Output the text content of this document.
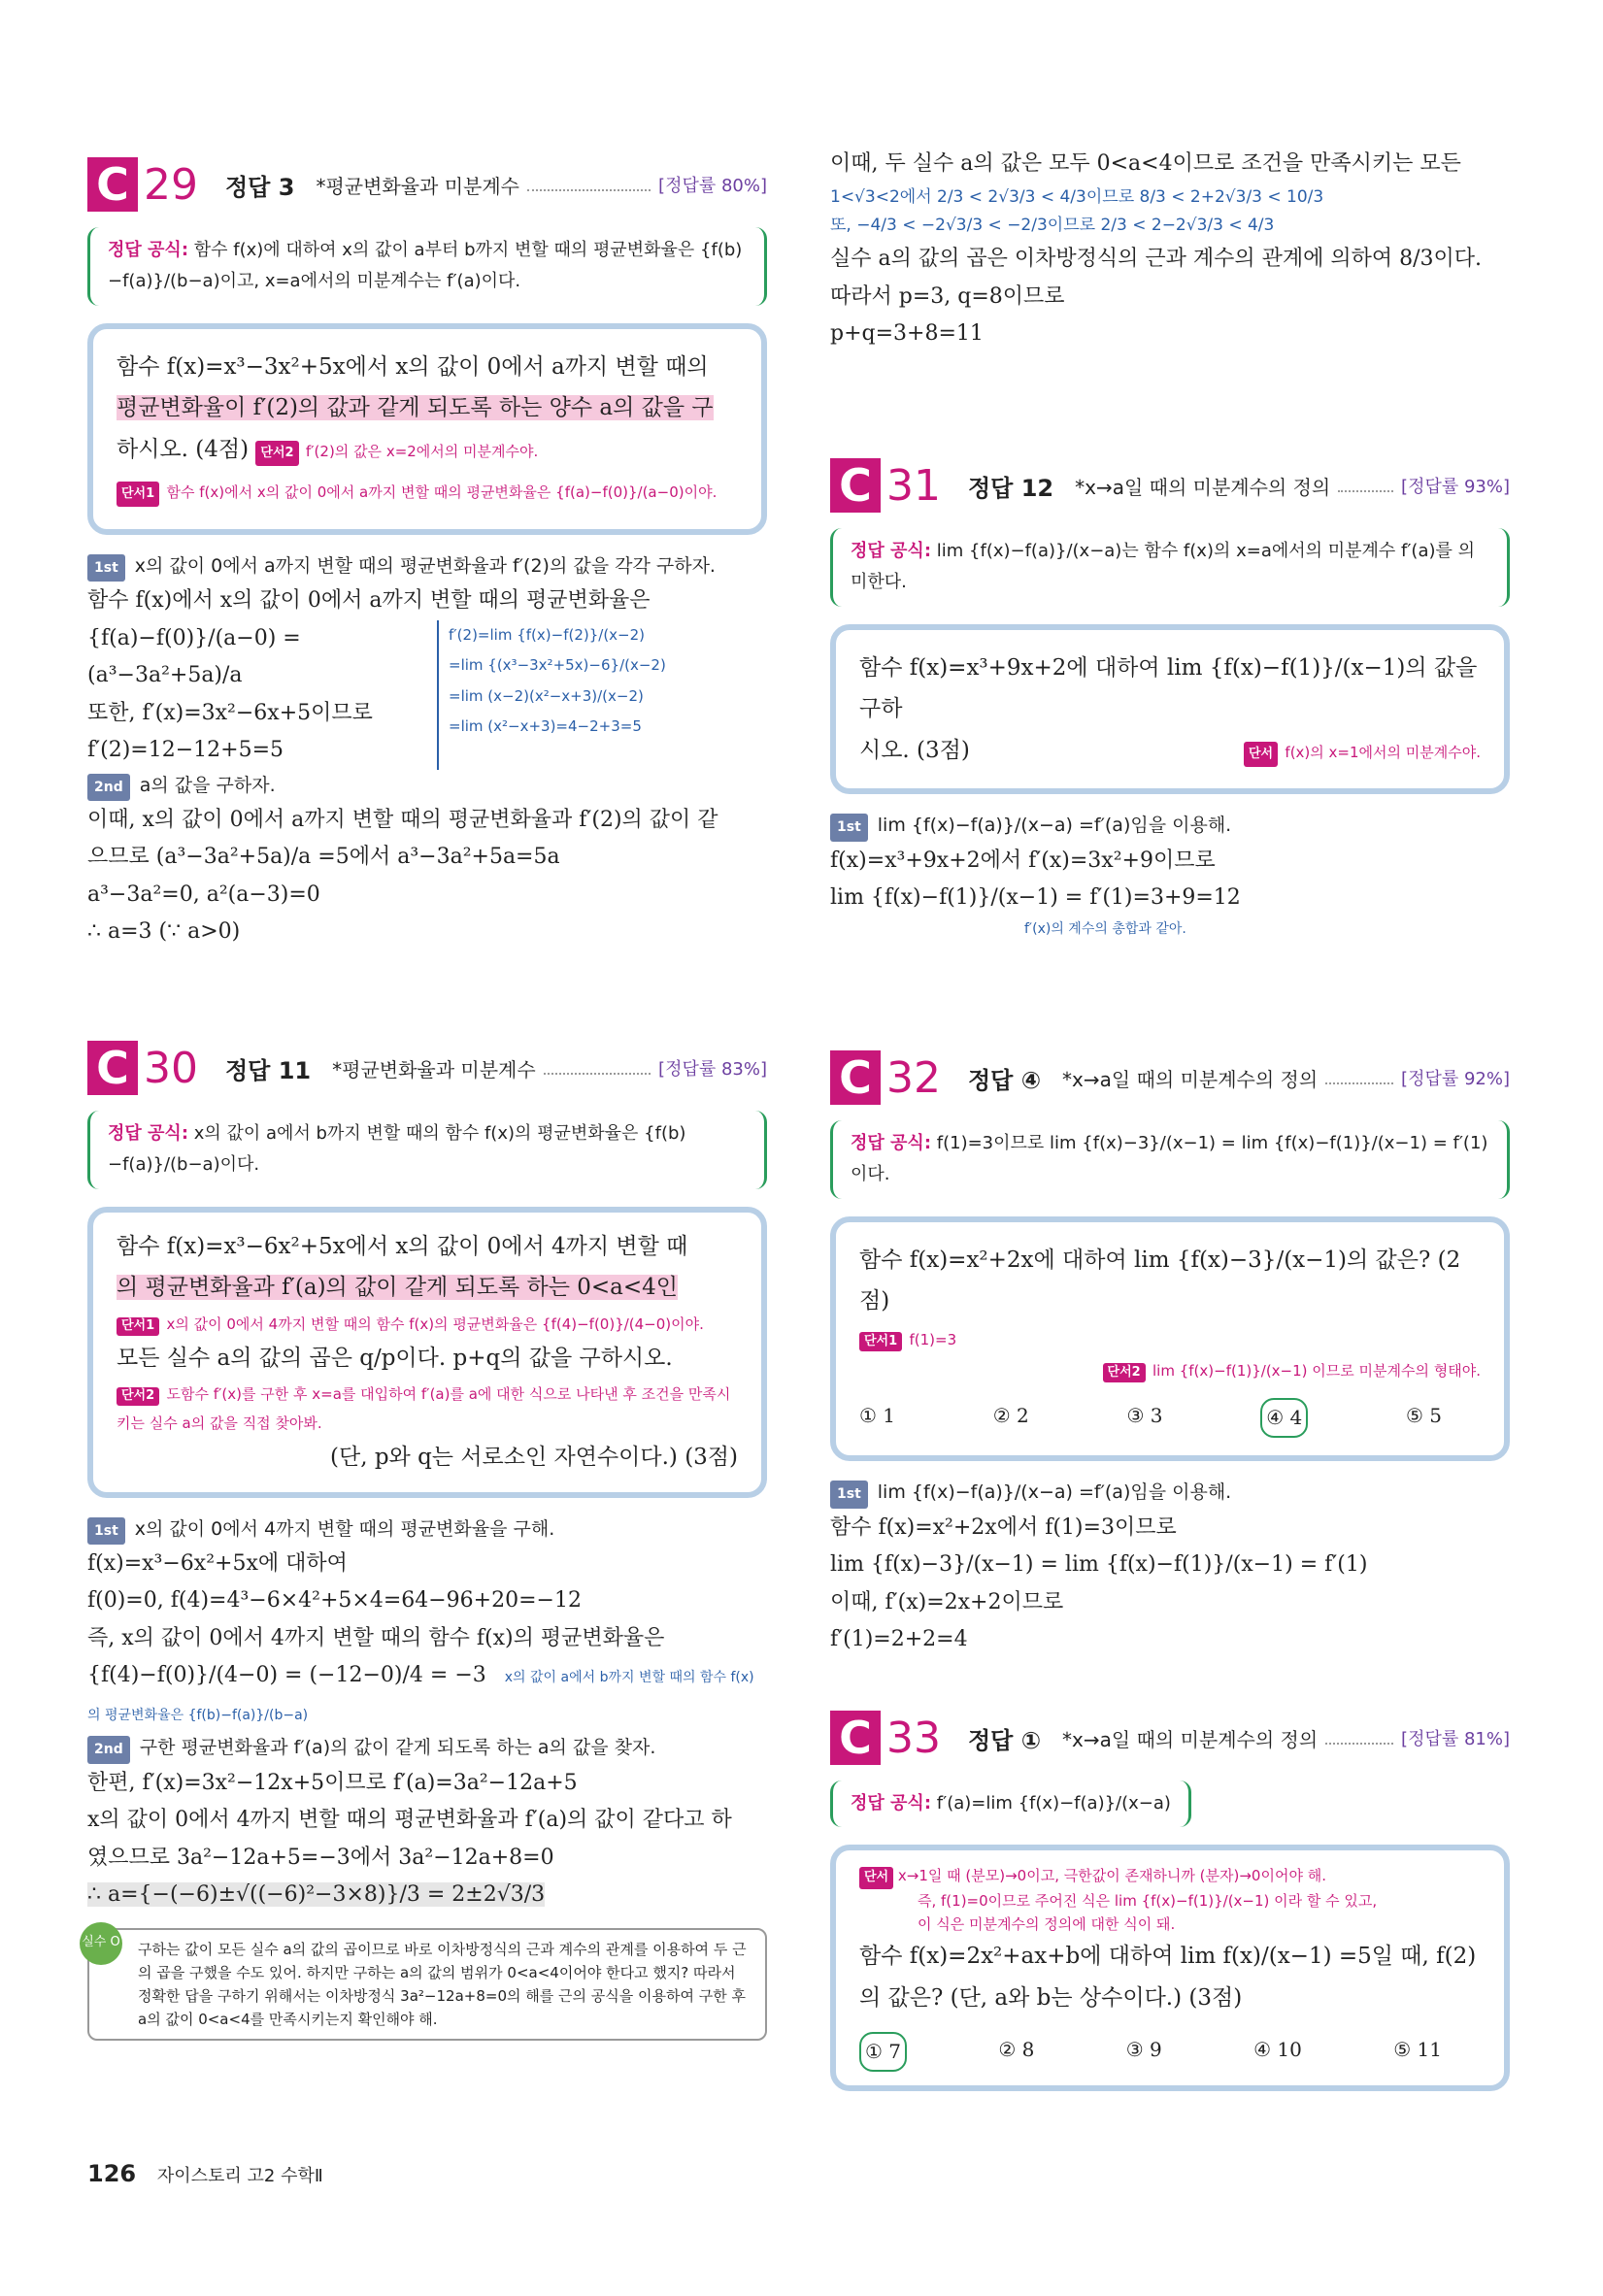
C 29	정답 3 *평균변화율과 미분계수	[정답률 80%]
정답 공식: 함수 f(x)에 대하여 x의 값이 a부터 b까지 변할 때의 평균변화율은 {f(b)−f(a)}/(b−a)이고, x=a에서의 미분계수는 f′(a)이다.
함수 f(x)=x³−3x²+5x에서 x의 값이 0에서 a까지 변할 때의
평균변화율이 f′(2)의 값과 같게 되도록 하는 양수 a의 값을 구
하시오. (4점) 단서2 f′(2)의 값은 x=2에서의 미분계수야.
단서1 함수 f(x)에서 x의 값이 0에서 a까지 변할 때의 평균변화율은 {f(a)−f(0)}/(a−0)이야.

1st x의 값이 0에서 a까지 변할 때의 평균변화율과 f′(2)의 값을 각각 구하자.

함수 f(x)에서 x의 값이 0에서 a까지 변할 때의 평균변화율은

{f(a)−f(0)}/(a−0) = (a³−3a²+5a)/a

또한, f′(x)=3x²−6x+5이므로

f′(2)=12−12+5=5

f′(2)=lim {f(x)−f(2)}/(x−2)
=lim {(x³−3x²+5x)−6}/(x−2)
=lim (x−2)(x²−x+3)/(x−2)
=lim (x²−x+3)=4−2+3=5

2nd a의 값을 구하자.

이때, x의 값이 0에서 a까지 변할 때의 평균변화율과 f′(2)의 값이 같

으므로 (a³−3a²+5a)/a =5에서 a³−3a²+5a=5a

a³−3a²=0, a²(a−3)=0

∴ a=3 (∵ a>0)

C 30	정답 11 *평균변화율과 미분계수	[정답률 83%]
정답 공식: x의 값이 a에서 b까지 변할 때의 함수 f(x)의 평균변화율은 {f(b)−f(a)}/(b−a)이다.
함수 f(x)=x³−6x²+5x에서 x의 값이 0에서 4까지 변할 때
의 평균변화율과 f′(a)의 값이 같게 되도록 하는 0<a<4인
단서1 x의 값이 0에서 4까지 변할 때의 함수 f(x)의 평균변화율은 {f(4)−f(0)}/(4−0)이야.
모든 실수 a의 값의 곱은 q/p이다. p+q의 값을 구하시오.
단서2 도함수 f′(x)를 구한 후 x=a를 대입하여 f′(a)를 a에 대한 식으로 나타낸 후 조건을 만족시키는 실수 a의 값을 직접 찾아봐.
(단, p와 q는 서로소인 자연수이다.) (3점)

1st x의 값이 0에서 4까지 변할 때의 평균변화율을 구해.

f(x)=x³−6x²+5x에 대하여

f(0)=0, f(4)=4³−6×4²+5×4=64−96+20=−12

즉, x의 값이 0에서 4까지 변할 때의 함수 f(x)의 평균변화율은

{f(4)−f(0)}/(4−0) = (−12−0)/4 = −3 x의 값이 a에서 b까지 변할 때의 함수 f(x)의 평균변화율은 {f(b)−f(a)}/(b−a)

2nd 구한 평균변화율과 f′(a)의 값이 같게 되도록 하는 a의 값을 찾자.

한편, f′(x)=3x²−12x+5이므로 f′(a)=3a²−12a+5

x의 값이 0에서 4까지 변할 때의 평균변화율과 f′(a)의 값이 같다고 하

였으므로 3a²−12a+5=−3에서 3a²−12a+8=0

∴ a={−(−6)±√((−6)²−3×8)}/3 = 2±2√3/3

실수 O 구하는 값이 모든 실수 a의 값의 곱이므로 바로 이차방정식의 근과 계수의 관계를 이용하여 두 근의 곱을 구했을 수도 있어. 하지만 구하는 a의 값의 범위가 0<a<4이어야 한다고 했지? 따라서 정확한 답을 구하기 위해서는 이차방정식 3a²−12a+8=0의 해를 근의 공식을 이용하여 구한 후 a의 값이 0<a<4를 만족시키는지 확인해야 해.

이때, 두 실수 a의 값은 모두 0<a<4이므로 조건을 만족시키는 모든

1<√3<2에서 2/3 < 2√3/3 < 4/3이므로 8/3 < 2+2√3/3 < 10/3

또, −4/3 < −2√3/3 < −2/3이므로 2/3 < 2−2√3/3 < 4/3

실수 a의 값의 곱은 이차방정식의 근과 계수의 관계에 의하여 8/3이다.

따라서 p=3, q=8이므로

p+q=3+8=11

C 31	정답 12 *x→a일 때의 미분계수의 정의	[정답률 93%]
정답 공식: lim {f(x)−f(a)}/(x−a)는 함수 f(x)의 x=a에서의 미분계수 f′(a)를 의미한다.
함수 f(x)=x³+9x+2에 대하여 lim {f(x)−f(1)}/(x−1)의 값을 구하
시오. (3점)	단서 f(x)의 x=1에서의 미분계수야.

1st lim {f(x)−f(a)}/(x−a) =f′(a)임을 이용해.

f(x)=x³+9x+2에서 f′(x)=3x²+9이므로

lim {f(x)−f(1)}/(x−1) = f′(1)=3+9=12

f′(x)의 계수의 총합과 같아.

C 32	정답 ④ *x→a일 때의 미분계수의 정의	[정답률 92%]
정답 공식: f(1)=3이므로 lim {f(x)−3}/(x−1) = lim {f(x)−f(1)}/(x−1) = f′(1)이다.
함수 f(x)=x²+2x에 대하여 lim {f(x)−3}/(x−1)의 값은? (2점)
단서1 f(1)=3
단서2 lim {f(x)−f(1)}/(x−1) 이므로 미분계수의 형태야.
① 1	② 2	③ 3	④ 4	⑤ 5

1st lim {f(x)−f(a)}/(x−a) =f′(a)임을 이용해.

함수 f(x)=x²+2x에서 f(1)=3이므로

lim {f(x)−3}/(x−1) = lim {f(x)−f(1)}/(x−1) = f′(1)

이때, f′(x)=2x+2이므로

f′(1)=2+2=4

C 33	정답 ① *x→a일 때의 미분계수의 정의	[정답률 81%]
정답 공식: f′(a)=lim {f(x)−f(a)}/(x−a)
단서 x→1일 때 (분모)→0이고, 극한값이 존재하니까 (분자)→0이어야 해.
즉, f(1)=0이므로 주어진 식은 lim {f(x)−f(1)}/(x−1) 이라 할 수 있고,
이 식은 미분계수의 정의에 대한 식이 돼.
함수 f(x)=2x²+ax+b에 대하여 lim f(x)/(x−1) =5일 때, f(2)
의 값은? (단, a와 b는 상수이다.) (3점)
① 7	② 8	③ 9	④ 10	⑤ 11
126 자이스토리 고2 수학Ⅱ
